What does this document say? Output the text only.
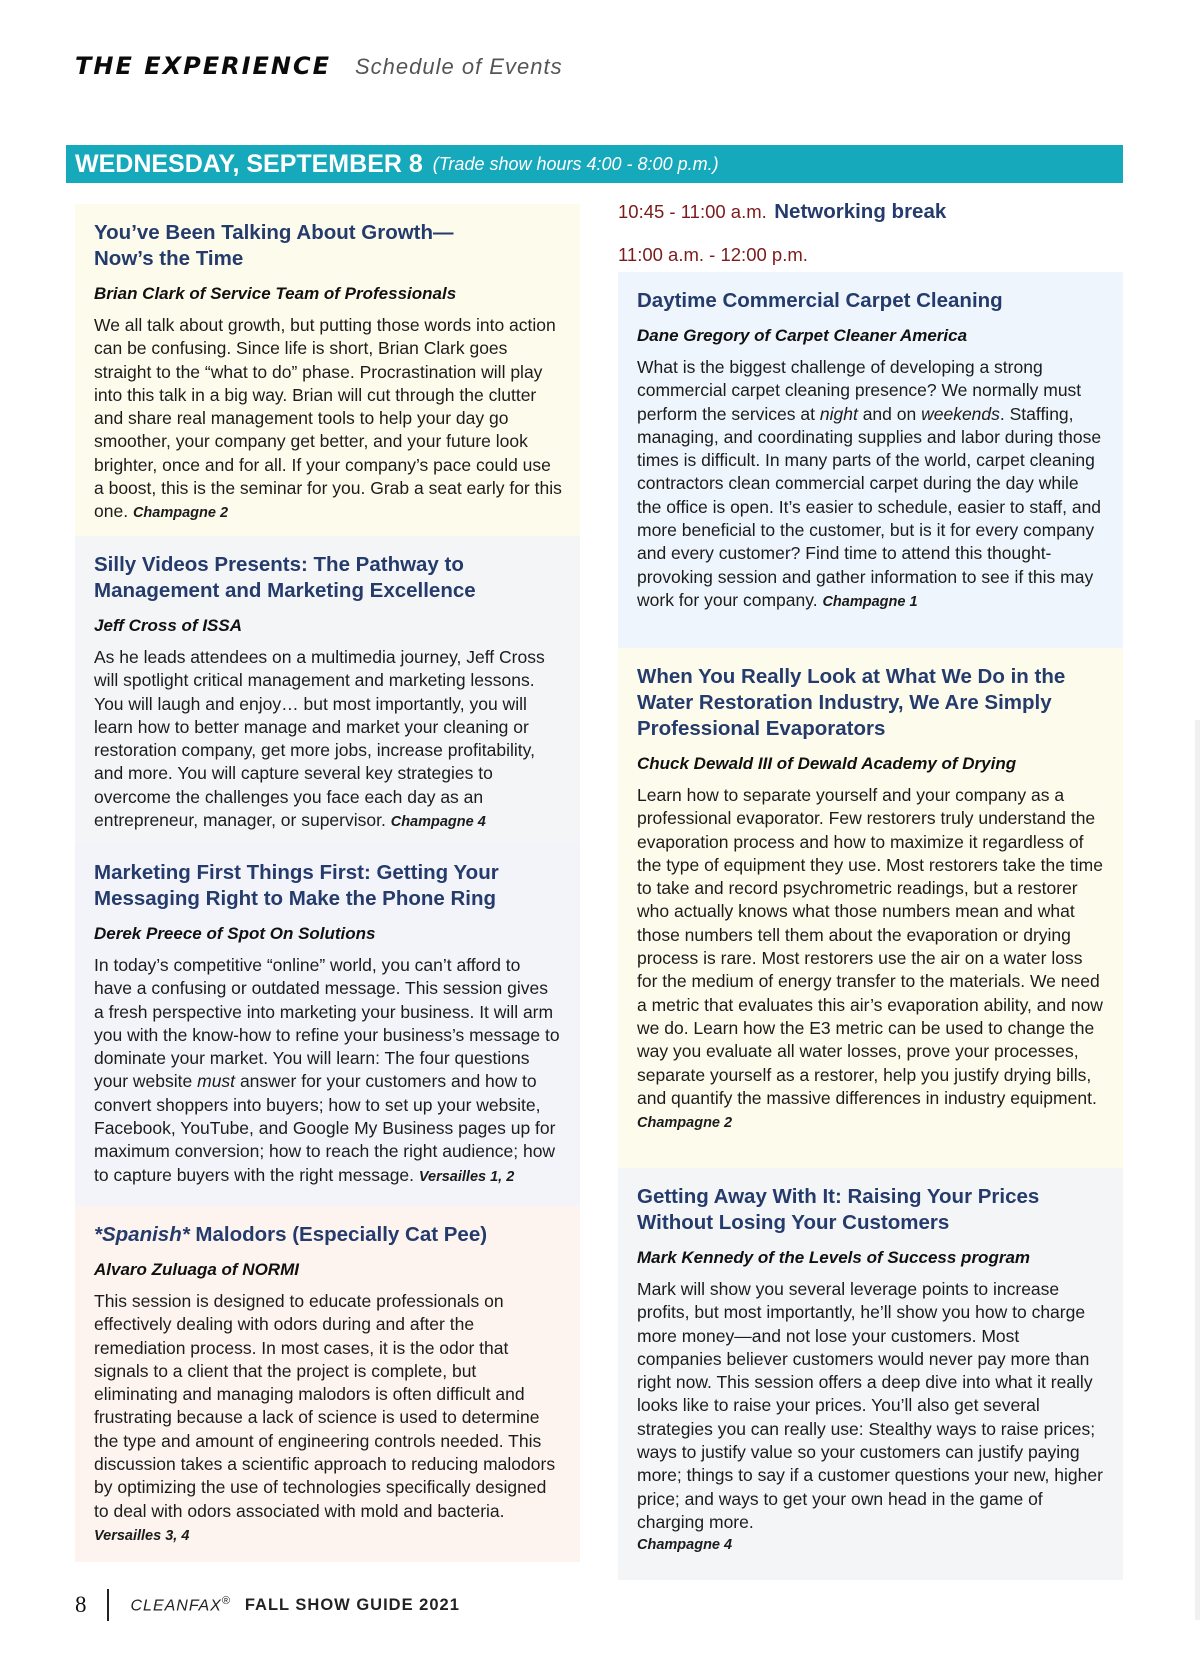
THE EXPERIENCE Schedule of Events
WEDNESDAY, SEPTEMBER 8 (Trade show hours 4:00 - 8:00 p.m.)
You’ve Been Talking About Growth—
Now’s the Time
Brian Clark of Service Team of Professionals
We all talk about growth, but putting those words into action can be confusing. Since life is short, Brian Clark goes straight to the “what to do” phase. Procrastination will play into this talk in a big way. Brian will cut through the clutter and share real management tools to help your day go smoother, your company get better, and your future look brighter, once and for all. If your company’s pace could use a boost, this is the seminar for you. Grab a seat early for this one. Champagne 2
Silly Videos Presents: The Pathway to
Management and Marketing Excellence
Jeff Cross of ISSA
As he leads attendees on a multimedia journey, Jeff Cross will spotlight critical management and marketing lessons. You will laugh and enjoy… but most importantly, you will learn how to better manage and market your cleaning or restoration company, get more jobs, increase profitability, and more. You will capture several key strategies to overcome the challenges you face each day as an entrepreneur, manager, or supervisor. Champagne 4
Marketing First Things First: Getting Your
Messaging Right to Make the Phone Ring
Derek Preece of Spot On Solutions
In today’s competitive “online” world, you can’t afford to have a confusing or outdated message. This session gives a fresh perspective into marketing your business. It will arm you with the know-how to refine your business’s message to dominate your market. You will learn: The four questions your website must answer for your customers and how to convert shoppers into buyers; how to set up your website, Facebook, YouTube, and Google My Business pages up for maximum conversion; how to reach the right audience; how to capture buyers with the right message. Versailles 1, 2
*Spanish* Malodors (Especially Cat Pee)
Alvaro Zuluaga of NORMI
This session is designed to educate professionals on effectively dealing with odors during and after the remediation process. In most cases, it is the odor that signals to a client that the project is complete, but eliminating and managing malodors is often difficult and frustrating because a lack of science is used to determine the type and amount of engineering controls needed. This discussion takes a scientific approach to reducing malodors by optimizing the use of technologies specifically designed to deal with odors associated with mold and bacteria. Versailles 3, 4
10:45 - 11:00 a.m. Networking break
11:00 a.m. - 12:00 p.m.
Daytime Commercial Carpet Cleaning
Dane Gregory of Carpet Cleaner America
What is the biggest challenge of developing a strong commercial carpet cleaning presence? We normally must perform the services at night and on weekends. Staffing, managing, and coordinating supplies and labor during those times is difficult. In many parts of the world, carpet cleaning contractors clean commercial carpet during the day while the office is open. It’s easier to schedule, easier to staff, and more beneficial to the customer, but is it for every company and every customer? Find time to attend this thought-provoking session and gather information to see if this may work for your company. Champagne 1
When You Really Look at What We Do in the
Water Restoration Industry, We Are Simply
Professional Evaporators
Chuck Dewald III of Dewald Academy of Drying
Learn how to separate yourself and your company as a professional evaporator. Few restorers truly understand the evaporation process and how to maximize it regardless of the type of equipment they use. Most restorers take the time to take and record psychrometric readings, but a restorer who actually knows what those numbers mean and what those numbers tell them about the evaporation or drying process is rare. Most restorers use the air on a water loss for the medium of energy transfer to the materials. We need a metric that evaluates this air’s evaporation ability, and now we do. Learn how the E3 metric can be used to change the way you evaluate all water losses, prove your processes, separate yourself as a restorer, help you justify drying bills, and quantify the massive differences in industry equipment. Champagne 2
Getting Away With It: Raising Your Prices
Without Losing Your Customers
Mark Kennedy of the Levels of Success program
Mark will show you several leverage points to increase profits, but most importantly, he’ll show you how to charge more money—and not lose your customers. Most companies believer customers would never pay more than right now. This session offers a deep dive into what it really looks like to raise your prices. You’ll also get several strategies you can really use: Stealthy ways to raise prices; ways to justify value so your customers can justify paying more; things to say if a customer questions your new, higher price; and ways to get your own head in the game of charging more.
Champagne 4
8	CLEANFAX® FALL SHOW GUIDE 2021
